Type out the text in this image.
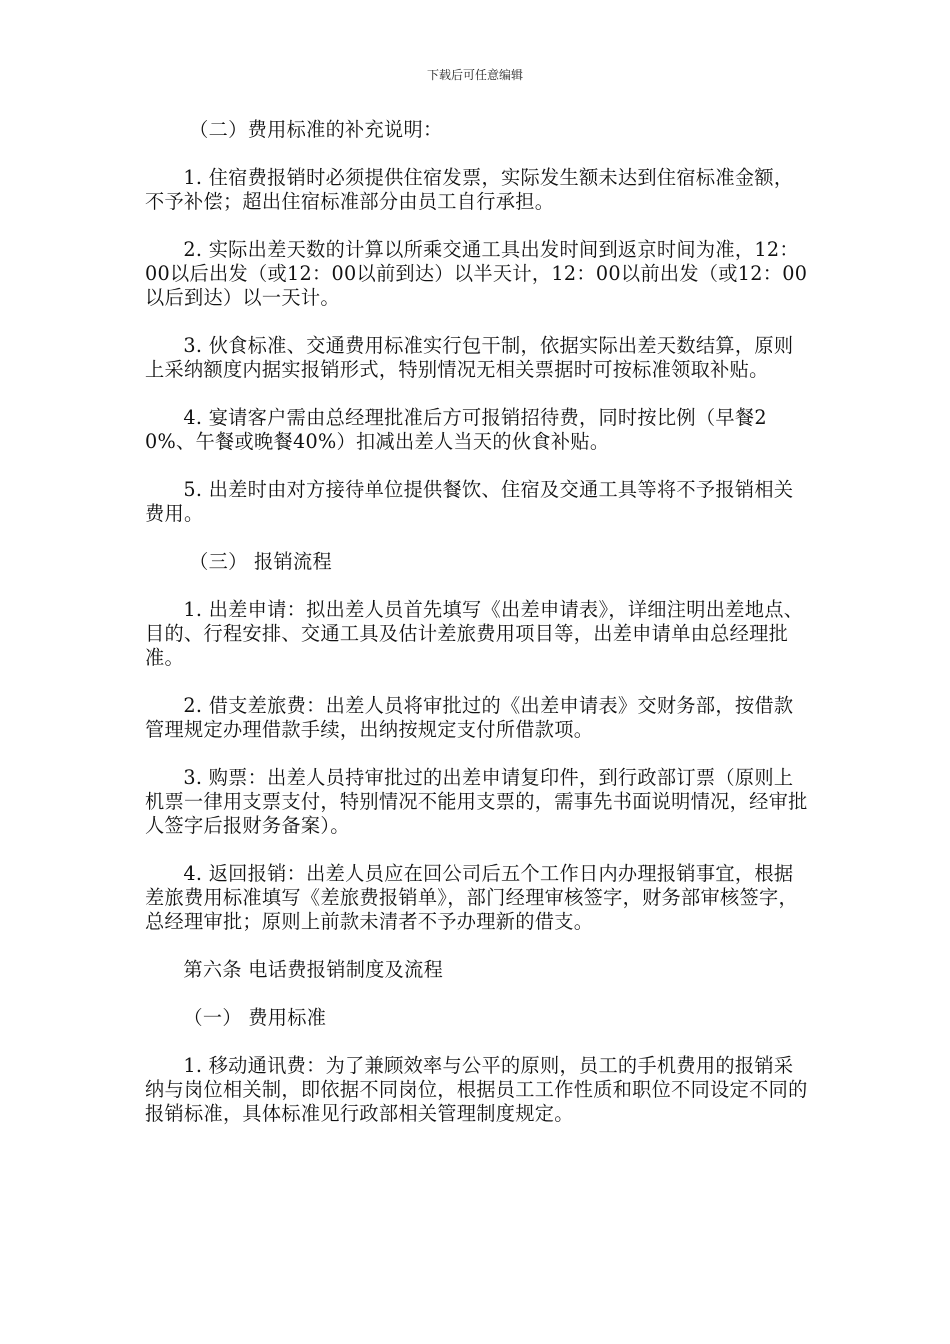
下载后可任意编辑

（二）费用标准的补充说明：

1. 住宿费报销时必须提供住宿发票，实际发生额未达到住宿标准金额，不予补偿；超出住宿标准部分由员工自行承担。

2. 实际出差天数的计算以所乘交通工具出发时间到返京时间为准，12：00以后出发（或12：00以前到达）以半天计，12：00以前出发（或12：00以后到达）以一天计。

3. 伙食标准、交通费用标准实行包干制，依据实际出差天数结算，原则上采纳额度内据实报销形式，特别情况无相关票据时可按标准领取补贴。

4. 宴请客户需由总经理批准后方可报销招待费，同时按比例（早餐20%、午餐或晚餐40%）扣减出差人当天的伙食补贴。

5. 出差时由对方接待单位提供餐饮、住宿及交通工具等将不予报销相关费用。

（三） 报销流程

1. 出差申请：拟出差人员首先填写《出差申请表》，详细注明出差地点、目的、行程安排、交通工具及估计差旅费用项目等，出差申请单由总经理批准。

2. 借支差旅费：出差人员将审批过的《出差申请表》交财务部，按借款管理规定办理借款手续，出纳按规定支付所借款项。

3. 购票：出差人员持审批过的出差申请复印件，到行政部订票（原则上机票一律用支票支付，特别情况不能用支票的，需事先书面说明情况，经审批人签字后报财务备案）。

4. 返回报销：出差人员应在回公司后五个工作日内办理报销事宜，根据差旅费用标准填写《差旅费报销单》，部门经理审核签字，财务部审核签字，总经理审批；原则上前款未清者不予办理新的借支。

第六条 电话费报销制度及流程

（一） 费用标准

1. 移动通讯费：为了兼顾效率与公平的原则，员工的手机费用的报销采纳与岗位相关制，即依据不同岗位，根据员工工作性质和职位不同设定不同的报销标准，具体标准见行政部相关管理制度规定。
